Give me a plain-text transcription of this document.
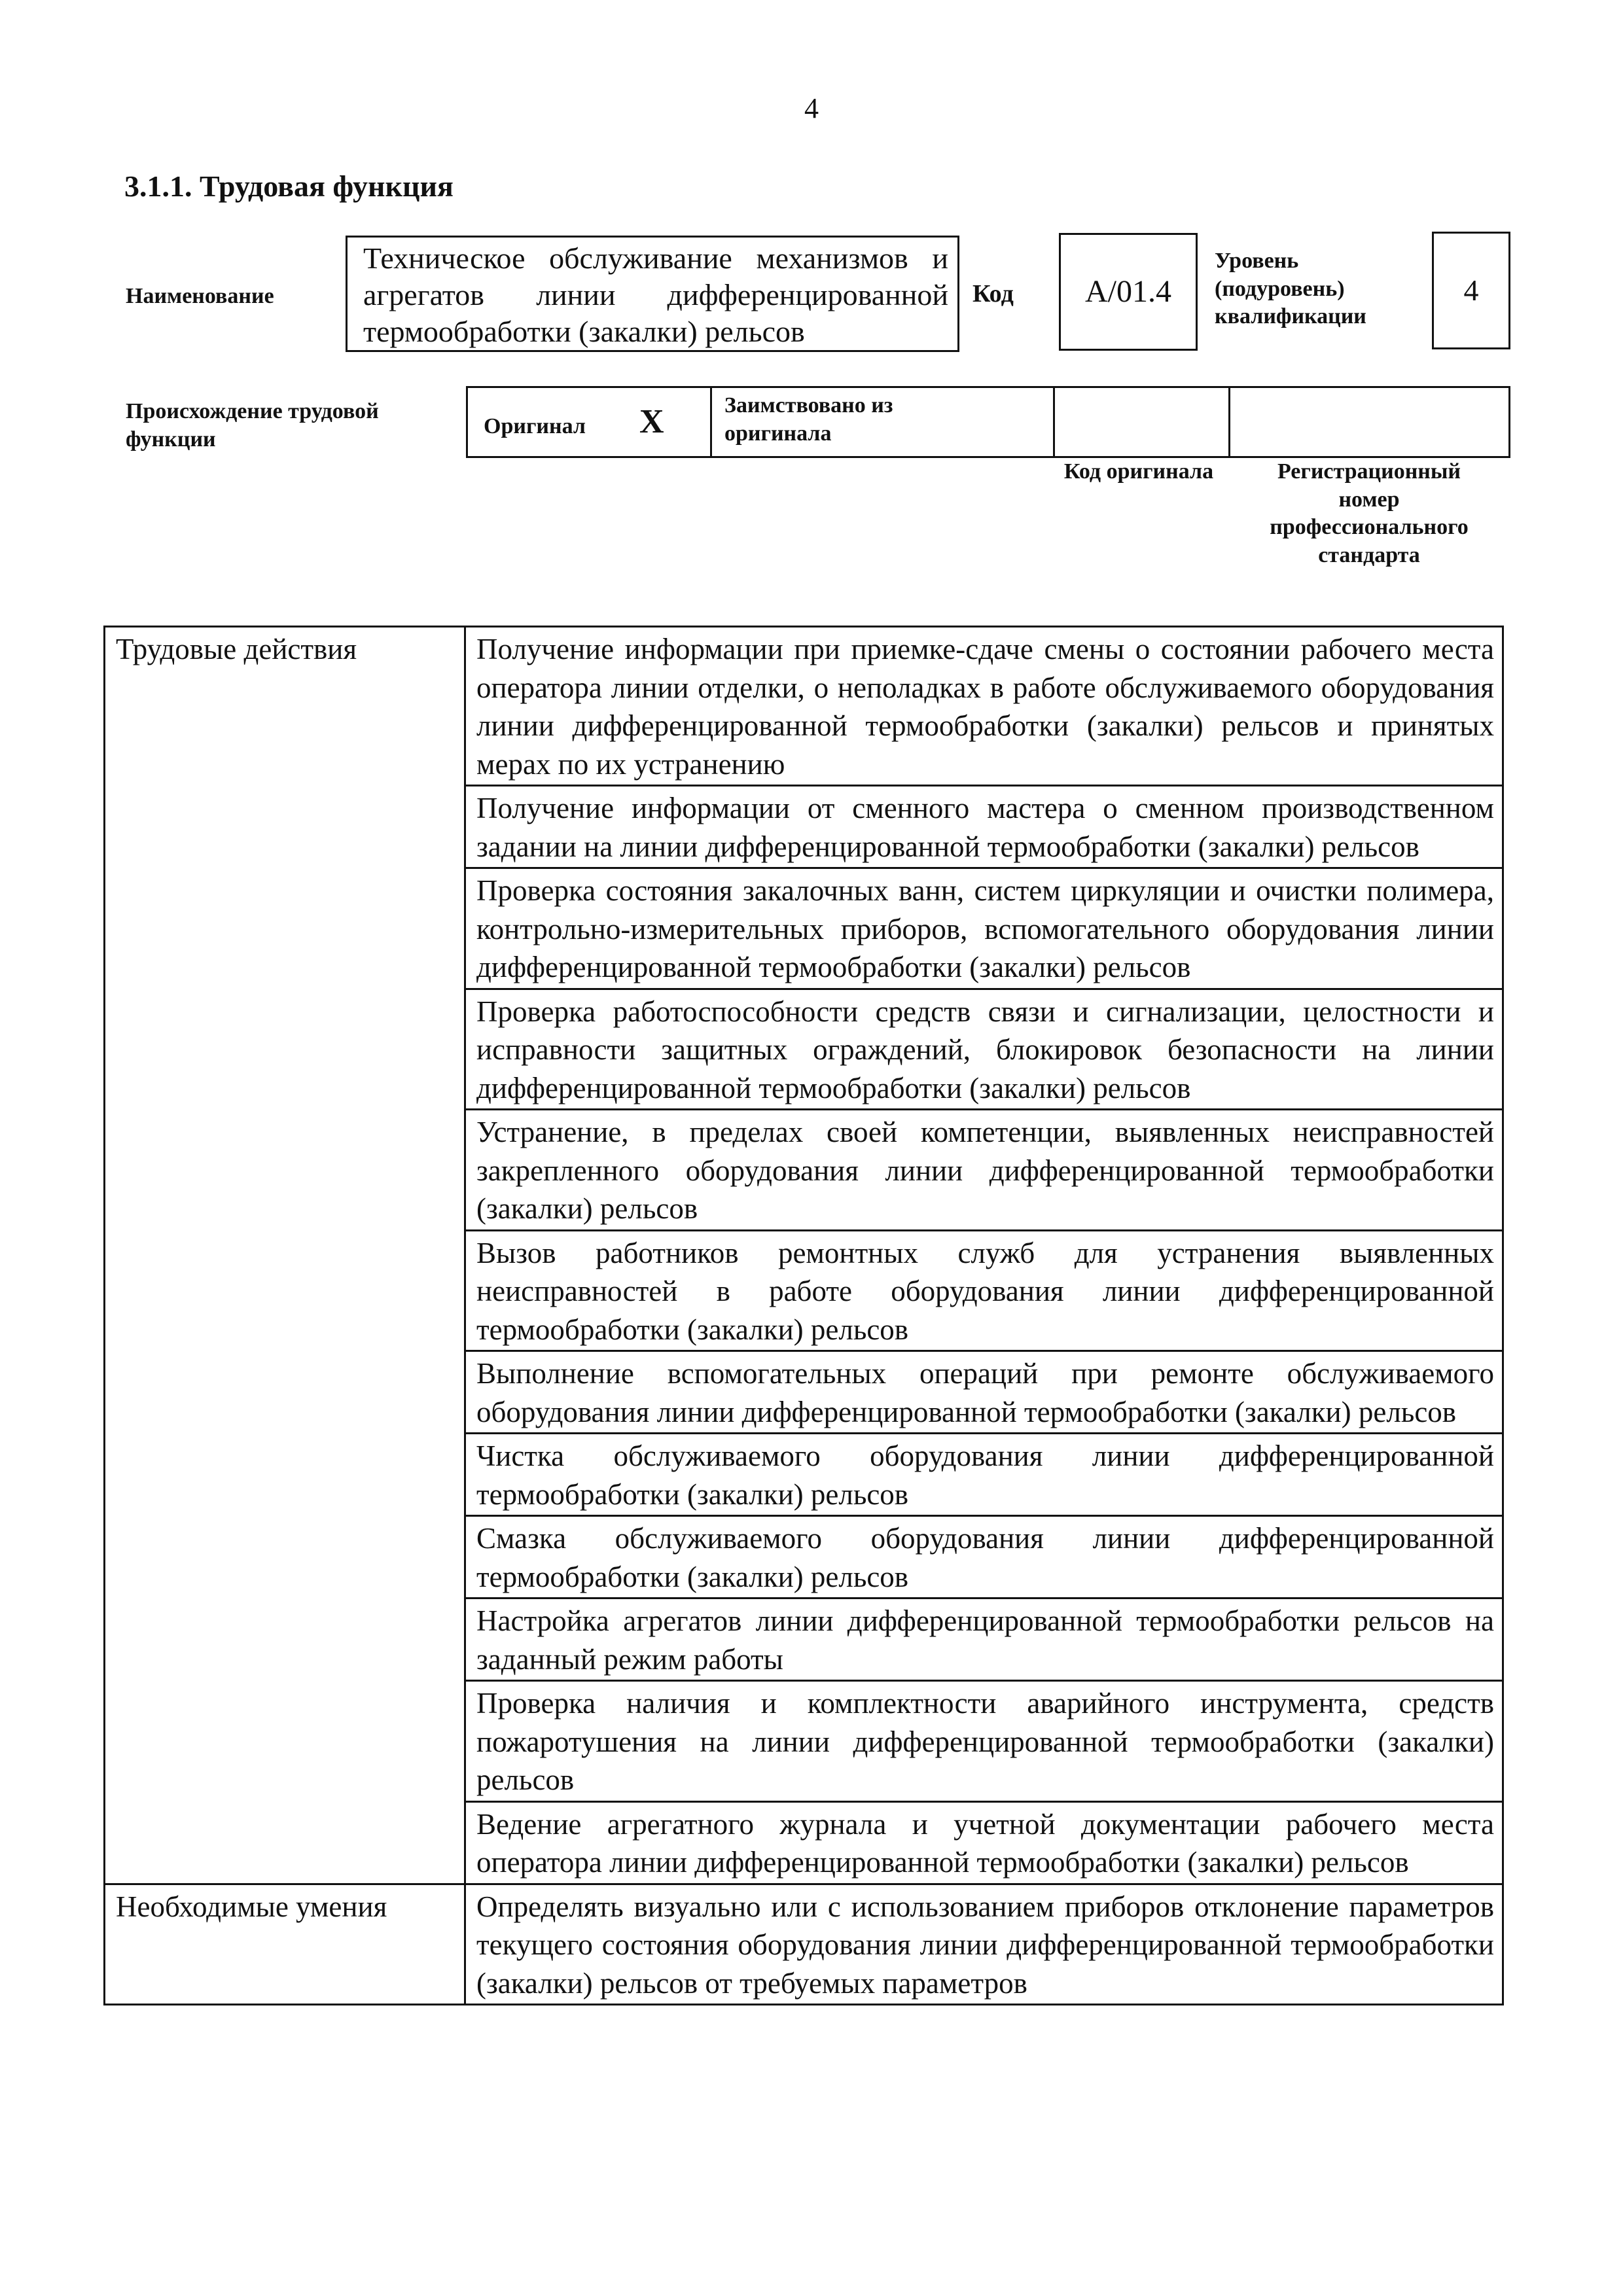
4
3.1.1. Трудовая функция
Наименование
Техническое обслуживание механизмов и агрегатов линии дифференцированной термообработки (закалки) рельсов
Код	A/01.4
Уровень (подуровень) квалификации
4
Происхождение трудовой функции
Оригинал X	Заимствовано из оригинала
Код оригинала	Регистрационный номер профессионального стандарта
Трудовые действия	Получение информации при приемке-сдаче смены о состоянии рабочего места оператора линии отделки, о неполадках в работе обслуживаемого оборудования линии дифференцированной термообработки (закалки) рельсов и принятых мерах по их устранению
	Получение информации от сменного мастера о сменном производственном задании на линии дифференцированной термообработки (закалки) рельсов
	Проверка состояния закалочных ванн, систем циркуляции и очистки полимера, контрольно-измерительных приборов, вспомогательного оборудования линии дифференцированной термообработки (закалки) рельсов
	Проверка работоспособности средств связи и сигнализации, целостности и исправности защитных ограждений, блокировок безопасности на линии дифференцированной термообработки (закалки) рельсов
	Устранение, в пределах своей компетенции, выявленных неисправностей закрепленного оборудования линии дифференцированной термообработки (закалки) рельсов
	Вызов работников ремонтных служб для устранения выявленных неисправностей в работе оборудования линии дифференцированной термообработки (закалки) рельсов
	Выполнение вспомогательных операций при ремонте обслуживаемого оборудования линии дифференцированной термообработки (закалки) рельсов
	Чистка обслуживаемого оборудования линии дифференцированной термообработки (закалки) рельсов
	Смазка обслуживаемого оборудования линии дифференцированной термообработки (закалки) рельсов
	Настройка агрегатов линии дифференцированной термообработки рельсов на заданный режим работы
	Проверка наличия и комплектности аварийного инструмента, средств пожаротушения на линии дифференцированной термообработки (закалки) рельсов
	Ведение агрегатного журнала и учетной документации рабочего места оператора линии дифференцированной термообработки (закалки) рельсов
Необходимые умения	Определять визуально или с использованием приборов отклонение параметров текущего состояния оборудования линии дифференцированной термообработки (закалки) рельсов от требуемых параметров
